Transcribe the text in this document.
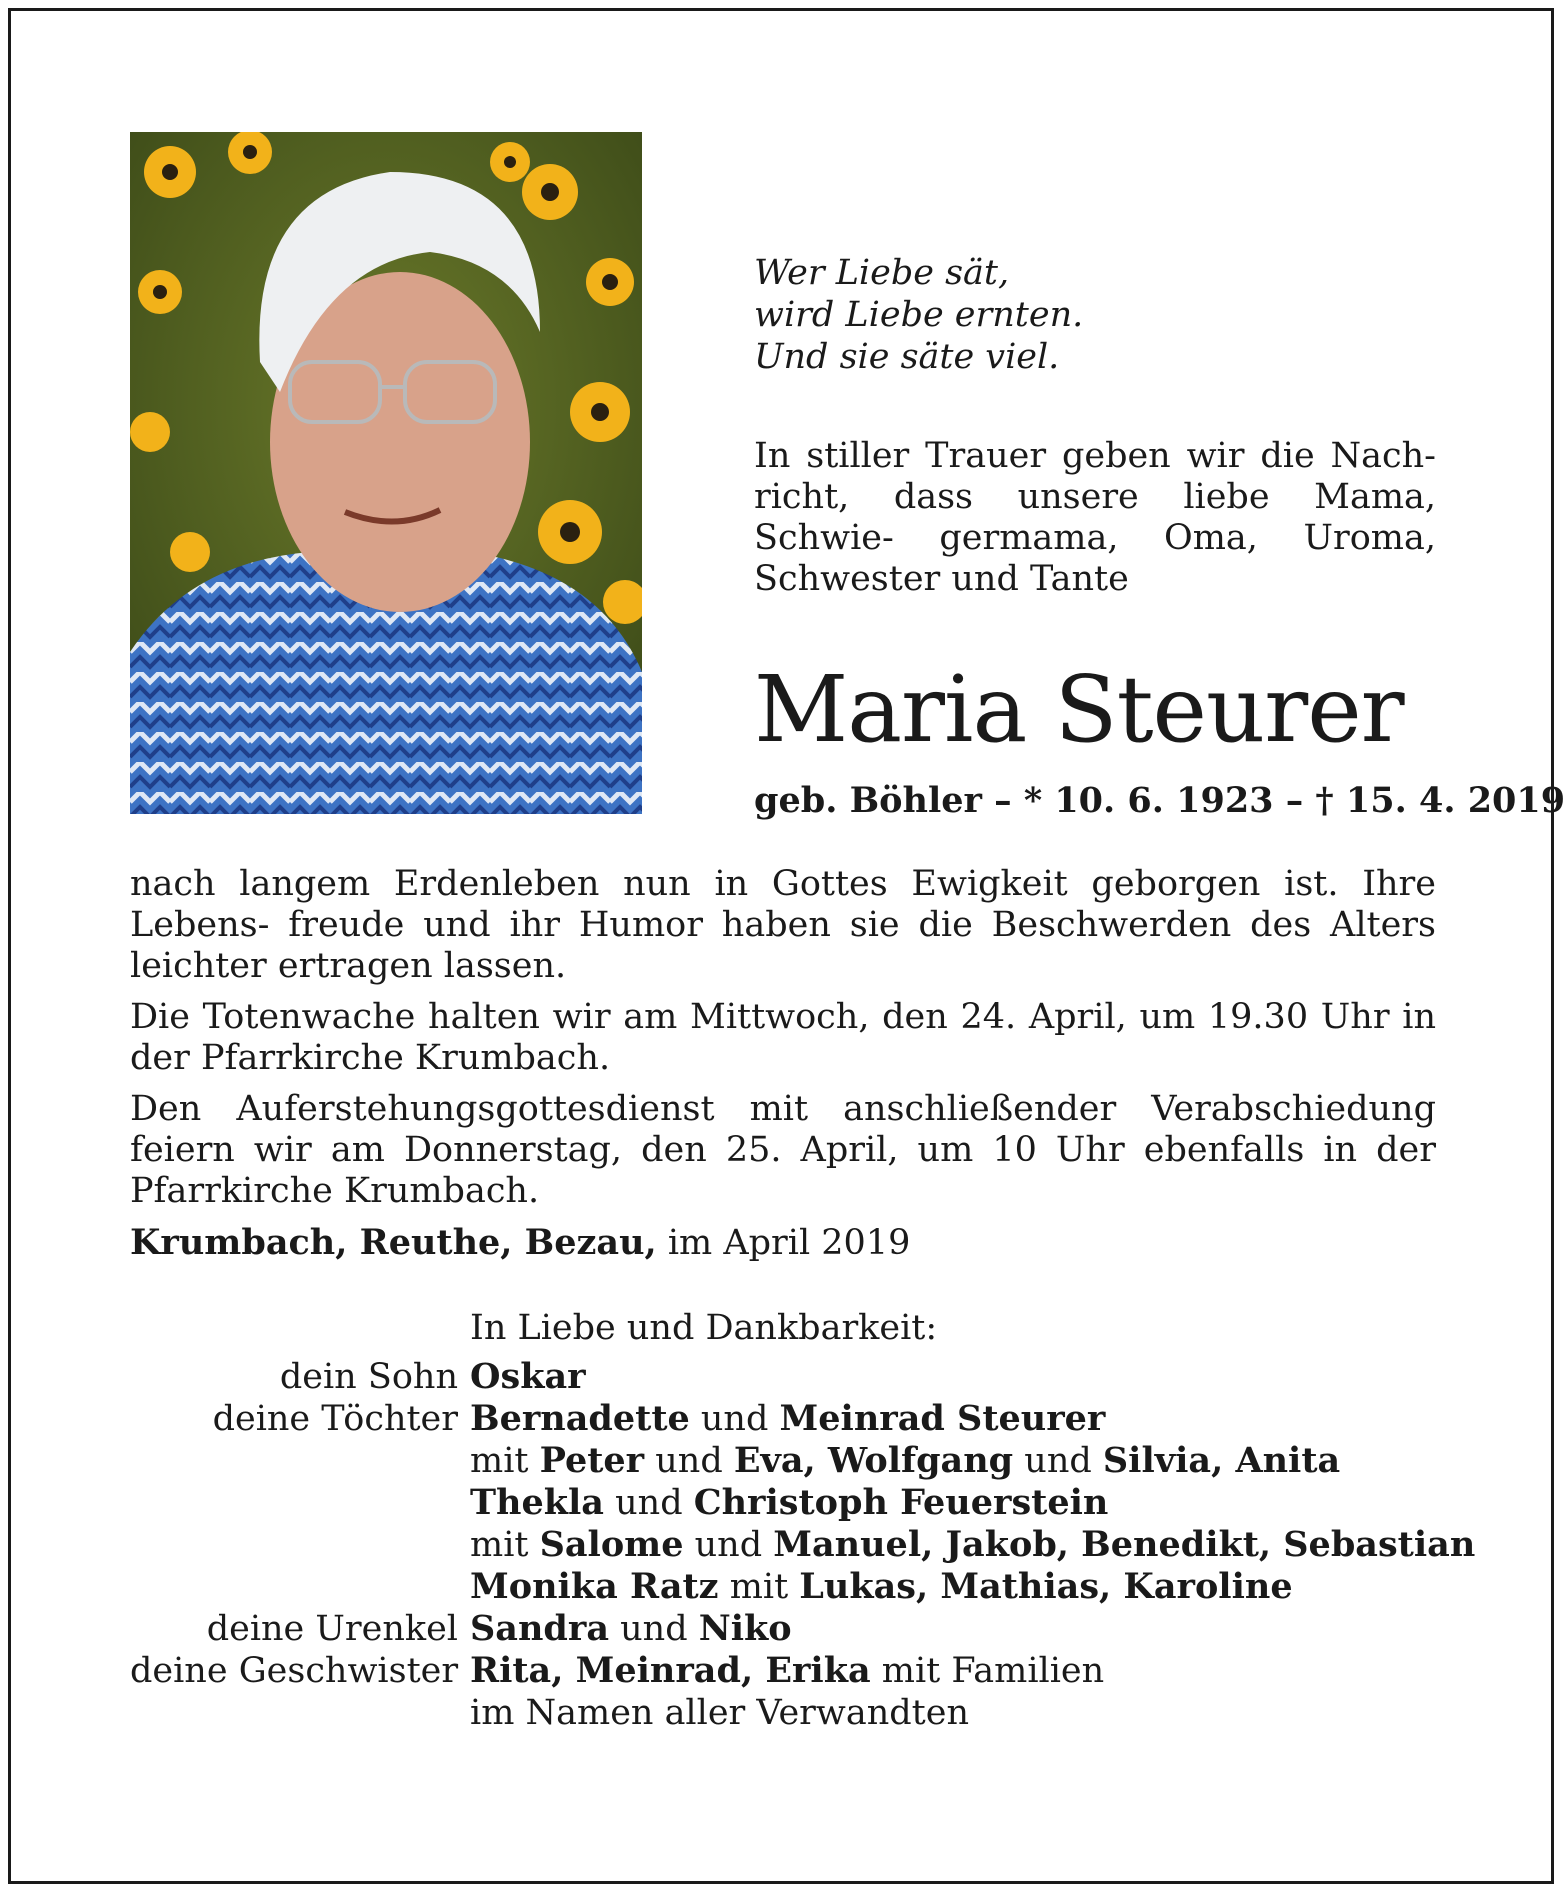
Wer Liebe sät,
wird Liebe ernten.
Und sie säte viel.
In stiller Trauer geben wir die Nach- richt, dass unsere liebe Mama, Schwie- germama, Oma, Uroma, Schwester und Tante
Maria Steurer
geb. Böhler – * 10. 6. 1923 – † 15. 4. 2019

nach langem Erdenleben nun in Gottes Ewigkeit geborgen ist. Ihre Lebens- freude und ihr Humor haben sie die Beschwerden des Alters leichter ertragen lassen.

Die Totenwache halten wir am Mittwoch, den 24. April, um 19.30 Uhr in der Pfarrkirche Krumbach.

Den Auferstehungsgottesdienst mit anschließender Verabschiedung feiern wir am Donnerstag, den 25. April, um 10 Uhr ebenfalls in der Pfarrkirche Krumbach.

Krumbach, Reuthe, Bezau, im April 2019
In Liebe und Dankbarkeit:
dein Sohn Oskar
deine Töchter Bernadette und Meinrad Steurer
mit Peter und Eva, Wolfgang und Silvia, Anita
Thekla und Christoph Feuerstein
mit Salome und Manuel, Jakob, Benedikt, Sebastian
Monika Ratz mit Lukas, Mathias, Karoline
deine Urenkel Sandra und Niko
deine Geschwister Rita, Meinrad, Erika mit Familien
im Namen aller Verwandten
